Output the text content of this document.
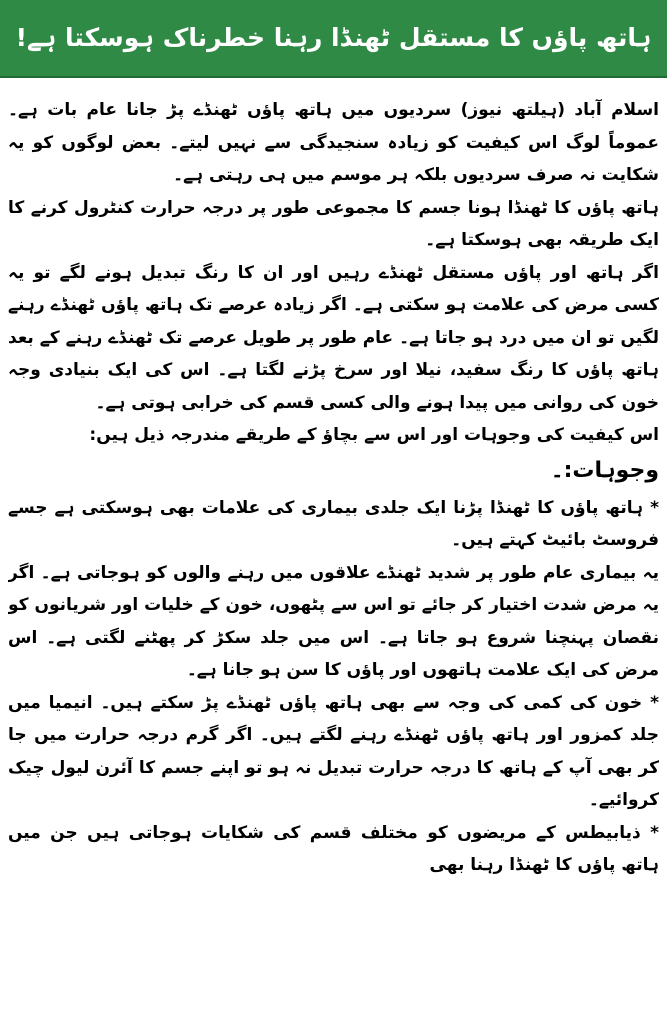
ہاتھ پاؤں کا مستقل ٹھنڈا رہنا خطرناک ہوسکتا ہے!

اسلام آباد (ہیلتھ نیوز) سردیوں میں ہاتھ پاؤں ٹھنڈے پڑ جانا عام بات ہے۔ عموماً لوگ اس کیفیت کو زیادہ سنجیدگی سے نہیں لیتے۔ بعض لوگوں کو یہ شکایت نہ صرف سردیوں بلکہ ہر موسم میں ہی رہتی ہے۔

ہاتھ پاؤں کا ٹھنڈا ہونا جسم کا مجموعی طور پر درجہ حرارت کنٹرول کرنے کا ایک طریقہ بھی ہوسکتا ہے۔

اگر ہاتھ اور پاؤں مستقل ٹھنڈے رہیں اور ان کا رنگ تبدیل ہونے لگے تو یہ کسی مرض کی علامت ہو سکتی ہے۔ اگر زیادہ عرصے تک ہاتھ پاؤں ٹھنڈے رہنے لگیں تو ان میں درد ہو جاتا ہے۔ عام طور پر طویل عرصے تک ٹھنڈے رہنے کے بعد ہاتھ پاؤں کا رنگ سفید، نیلا اور سرخ پڑنے لگتا ہے۔ اس کی ایک بنیادی وجہ خون کی روانی میں پیدا ہونے والی کسی قسم کی خرابی ہوتی ہے۔

اس کیفیت کی وجوہات اور اس سے بچاؤ کے طریقے مندرجہ ذیل ہیں:

وجوہات:۔

* ہاتھ پاؤں کا ٹھنڈا پڑنا ایک جلدی بیماری کی علامات بھی ہوسکتی ہے جسے فروسٹ بائیٹ کہتے ہیں۔

یہ بیماری عام طور پر شدید ٹھنڈے علاقوں میں رہنے والوں کو ہوجاتی ہے۔ اگر یہ مرض شدت اختیار کر جائے تو اس سے پٹھوں، خون کے خلیات اور شریانوں کو نقصان پہنچنا شروع ہو جاتا ہے۔ اس میں جلد سکڑ کر پھٹنے لگتی ہے۔ اس مرض کی ایک علامت ہاتھوں اور پاؤں کا سن ہو جانا ہے۔

* خون کی کمی کی وجہ سے بھی ہاتھ پاؤں ٹھنڈے پڑ سکتے ہیں۔ انیمیا میں جلد کمزور اور ہاتھ پاؤں ٹھنڈے رہنے لگتے ہیں۔ اگر گرم درجہ حرارت میں جا کر بھی آپ کے ہاتھ کا درجہ حرارت تبدیل نہ ہو تو اپنے جسم کا آئرن لیول چیک کروائیے۔

* ذیابیطس کے مریضوں کو مختلف قسم کی شکایات ہوجاتی ہیں جن میں ہاتھ پاؤں کا ٹھنڈا رہنا بھی
